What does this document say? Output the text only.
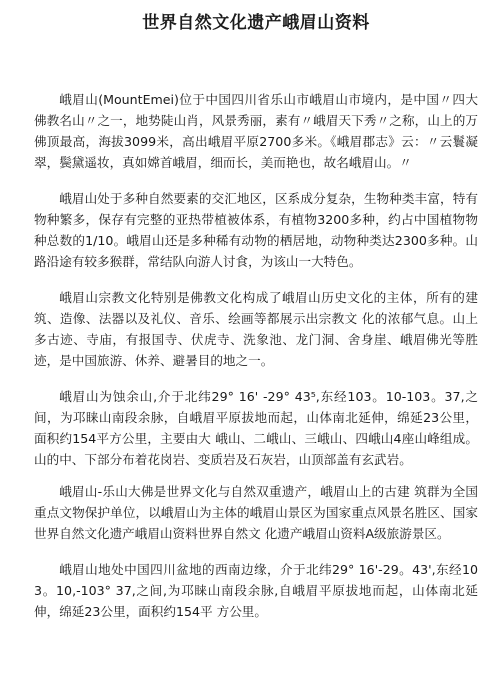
世界自然文化遗产峨眉山资料

峨眉山(MountEmei)位于中国四川省乐山市峨眉山市境内，是中国〃四大佛教名山〃之一，地势陡山肖，风景秀丽，素有〃峨眉天下秀〃之称，山上的万佛顶最高，海拔3099米，高出峨眉平原2700多米。《峨眉郡志》云：〃云鬟凝翠，鬓黛遥妆，真如嫦首峨眉，细而长，美而艳也，故名峨眉山。〃

峨眉山处于多种自然要素的交汇地区，区系成分复杂，生物种类丰富，特有物种繁多，保存有完整的亚热带植被体系，有植物3200多种，约占中国植物物种总数的1/10。峨眉山还是多种稀有动物的栖居地，动物种类达2300多种。山路沿途有较多猴群，常结队向游人讨食，为该山一大特色。

峨眉山宗教文化特别是佛教文化构成了峨眉山历史文化的主体，所有的建筑、造像、法器以及礼仪、音乐、绘画等都展示出宗教文 化的浓郁气息。山上多古迹、寺庙，有报国寺、伏虎寺、洗象池、龙门洞、舍身崖、峨眉佛光等胜迹，是中国旅游、休养、避暑目的地之一。

峨眉山为蚀余山,介于北纬29° 16' -29° 43⁵,东经103。10-103。37,之间，为邛睐山南段余脉，自峨眉平原拔地而起，山体南北延伸，绵延23公里，面积约154平方公里，主要由大 峨山、二峨山、三峨山、四峨山4座山峰组成。山的中、下部分布着花岗岩、变质岩及石灰岩，山顶部盖有玄武岩。

峨眉山-乐山大佛是世界文化与自然双重遗产，峨眉山上的古建 筑群为全国重点文物保护单位，以峨眉山为主体的峨眉山景区为国家重点风景名胜区、国家世界自然文化遗产峨眉山资料世界自然文 化遗产峨眉山资料A级旅游景区。

峨眉山地处中国四川盆地的西南边缘，介于北纬29° 16'-29。43',东经103。10,-103° 37,之间,为邛睐山南段余脉,自峨眉平原拔地而起，山体南北延伸，绵延23公里，面积约154平 方公里。
